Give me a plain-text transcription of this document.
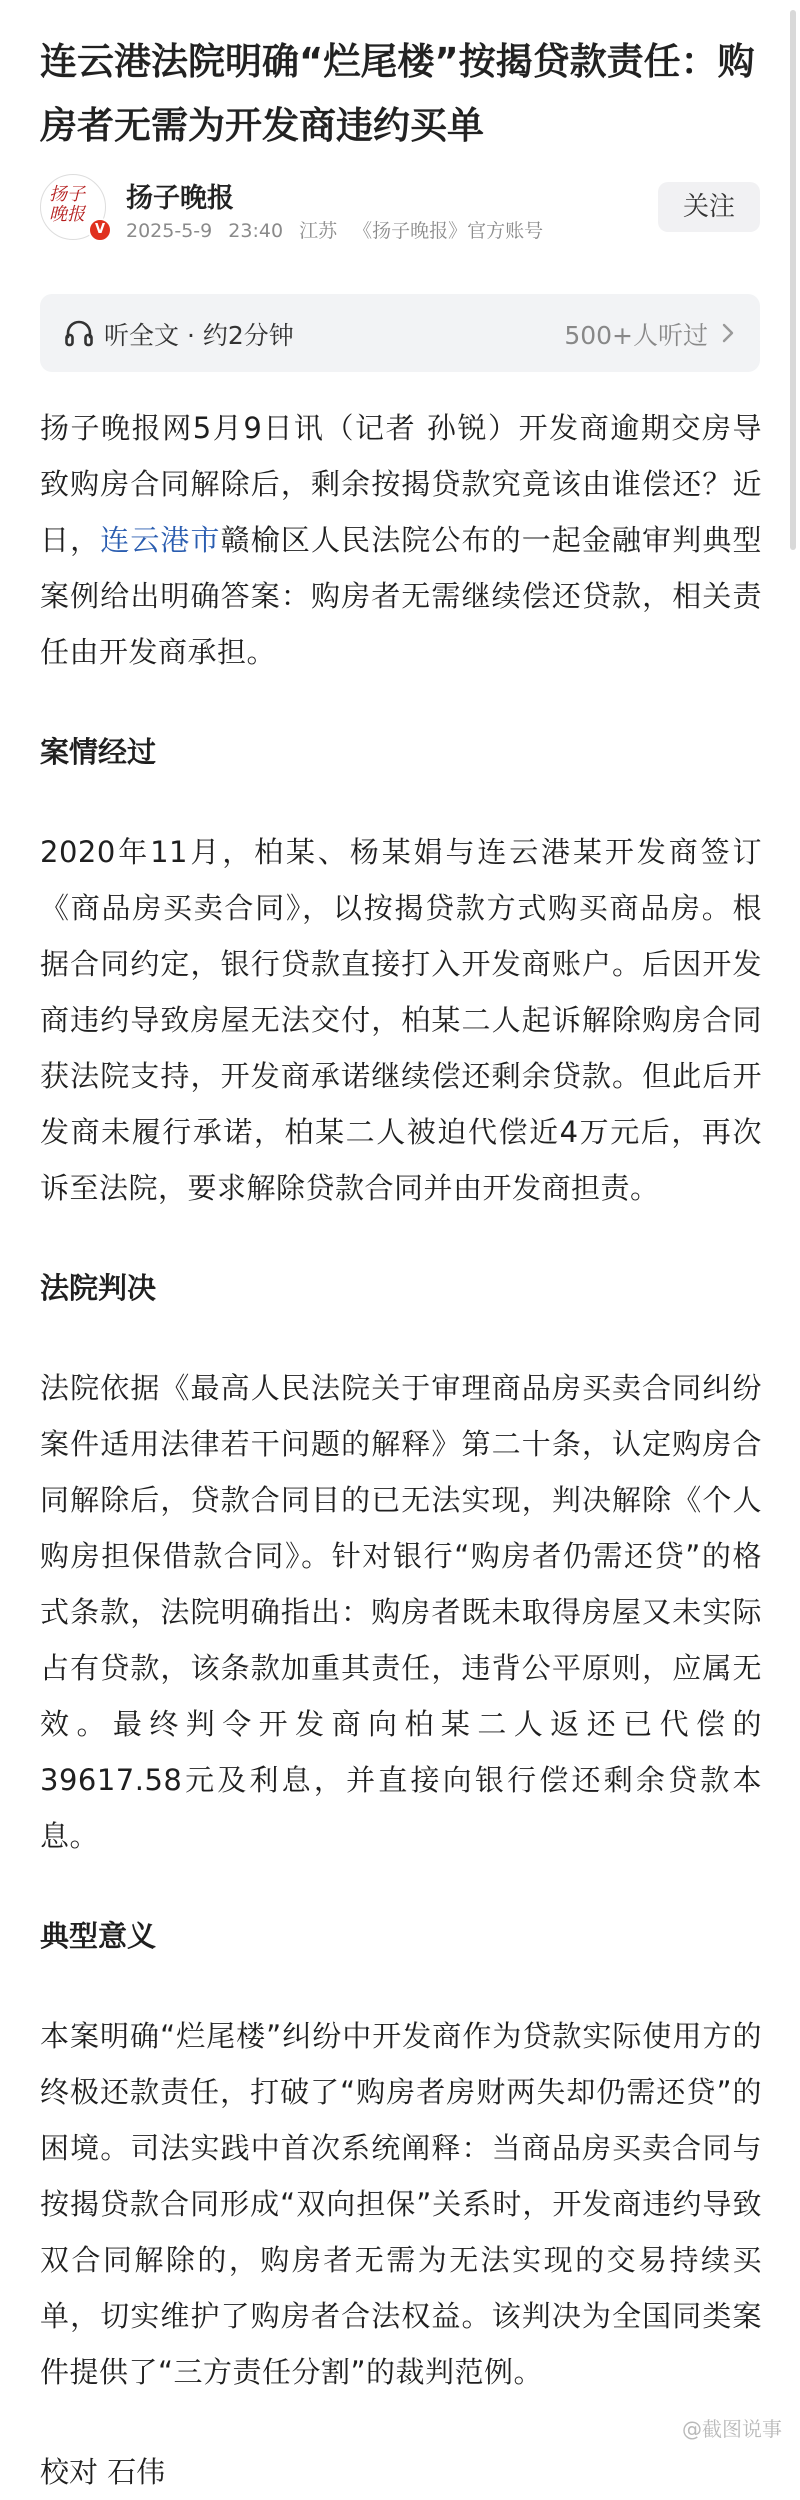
连云港法院明确“烂尾楼”按揭贷款责任：购房者无需为开发商违约买单
扬子晚报
V
扬子晚报
2025-5-9 23:40 江苏 《扬子晚报》官方账号
关注
听全文 · 约2分钟	500+人听过

扬子晚报网5月9日讯（记者 孙锐）开发商逾期交房导致购房合同解除后，剩余按揭贷款究竟该由谁偿还？近日，连云港市赣榆区人民法院公布的一起金融审判典型案例给出明确答案：购房者无需继续偿还贷款，相关责任由开发商承担。

案情经过

2020年11月，柏某、杨某娟与连云港某开发商签订《商品房买卖合同》，以按揭贷款方式购买商品房。根据合同约定，银行贷款直接打入开发商账户。后因开发商违约导致房屋无法交付，柏某二人起诉解除购房合同获法院支持，开发商承诺继续偿还剩余贷款。但此后开发商未履行承诺，柏某二人被迫代偿近4万元后，再次诉至法院，要求解除贷款合同并由开发商担责。

法院判决

法院依据《最高人民法院关于审理商品房买卖合同纠纷案件适用法律若干问题的解释》第二十条，认定购房合同解除后，贷款合同目的已无法实现，判决解除《个人购房担保借款合同》。针对银行“购房者仍需还贷”的格式条款，法院明确指出：购房者既未取得房屋又未实际占有贷款，该条款加重其责任，违背公平原则，应属无效。最终判令开发商向柏某二人返还已代偿的39617.58元及利息，并直接向银行偿还剩余贷款本息。

典型意义

本案明确“烂尾楼”纠纷中开发商作为贷款实际使用方的终极还款责任，打破了“购房者房财两失却仍需还贷”的困境。司法实践中首次系统阐释：当商品房买卖合同与按揭贷款合同形成“双向担保”关系时，开发商违约导致双合同解除的，购房者无需为无法实现的交易持续买单，切实维护了购房者合法权益。该判决为全国同类案件提供了“三方责任分割”的裁判范例。

校对 石伟
@截图说事
